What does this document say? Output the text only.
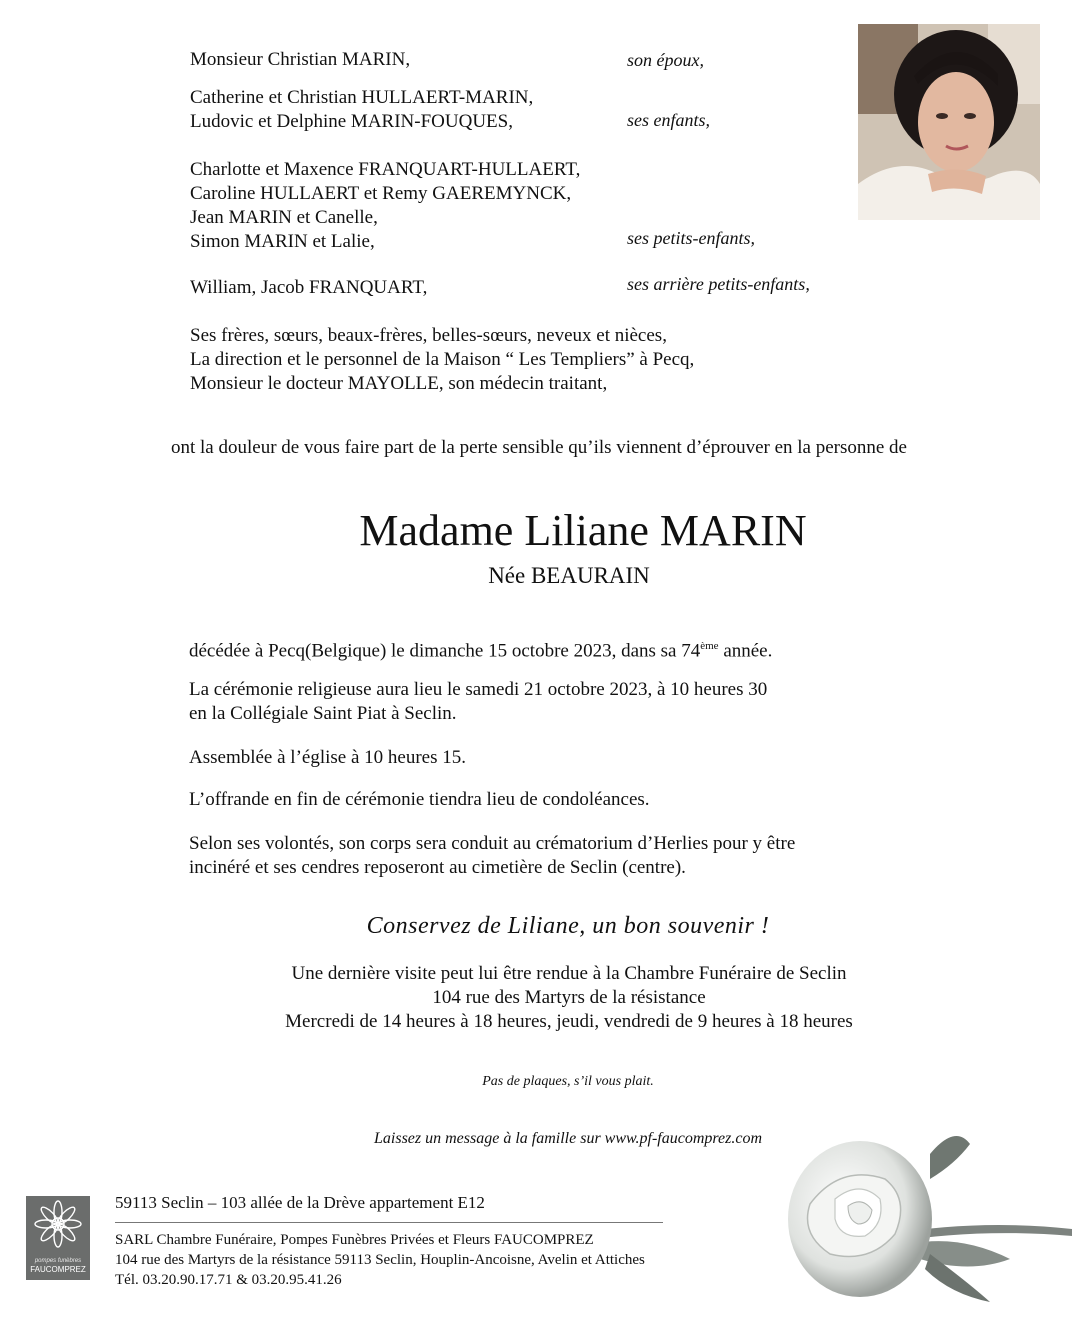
Monsieur Christian MARIN,	son époux,
Catherine et Christian HULLAERT-MARIN,
Ludovic et Delphine MARIN-FOUQUES,	ses enfants,
Charlotte et Maxence FRANQUART-HULLAERT,
Caroline HULLAERT et Remy GAEREMYNCK,
Jean MARIN et Canelle,
Simon MARIN et Lalie,	ses petits-enfants,
William, Jacob FRANQUART,	ses arrière petits-enfants,
Ses frères, sœurs, beaux-frères, belles-sœurs, neveux et nièces,
La direction et le personnel de la Maison “ Les Templiers” à Pecq,
Monsieur le docteur MAYOLLE, son médecin traitant,
ont la douleur de vous faire part de la perte sensible qu’ils viennent d’éprouver en la personne de
Madame Liliane MARIN
Née BEAURAIN
décédée à Pecq(Belgique) le dimanche 15 octobre 2023, dans sa 74ème année.
La cérémonie religieuse aura lieu le samedi 21 octobre 2023, à 10 heures 30
en la Collégiale Saint Piat à Seclin.
Assemblée à l’église à 10 heures 15.
L’offrande en fin de cérémonie tiendra lieu de condoléances.
Selon ses volontés, son corps sera conduit au crématorium d’Herlies pour y être
incinéré et ses cendres reposeront au cimetière de Seclin (centre).
Conservez de Liliane, un bon souvenir !
Une dernière visite peut lui être rendue à la Chambre Funéraire de Seclin
104 rue des Martyrs de la résistance
Mercredi de 14 heures à 18 heures, jeudi, vendredi de 9 heures à 18 heures
Pas de plaques, s’il vous plait.
Laissez un message à la famille sur www.pf-faucomprez.com
pompes funèbres
FAUCOMPREZ
59113 Seclin – 103 allée de la Drève appartement E12
SARL Chambre Funéraire, Pompes Funèbres Privées et Fleurs FAUCOMPREZ
104 rue des Martyrs de la résistance 59113 Seclin, Houplin-Ancoisne, Avelin et Attiches
Tél. 03.20.90.17.71 & 03.20.95.41.26
